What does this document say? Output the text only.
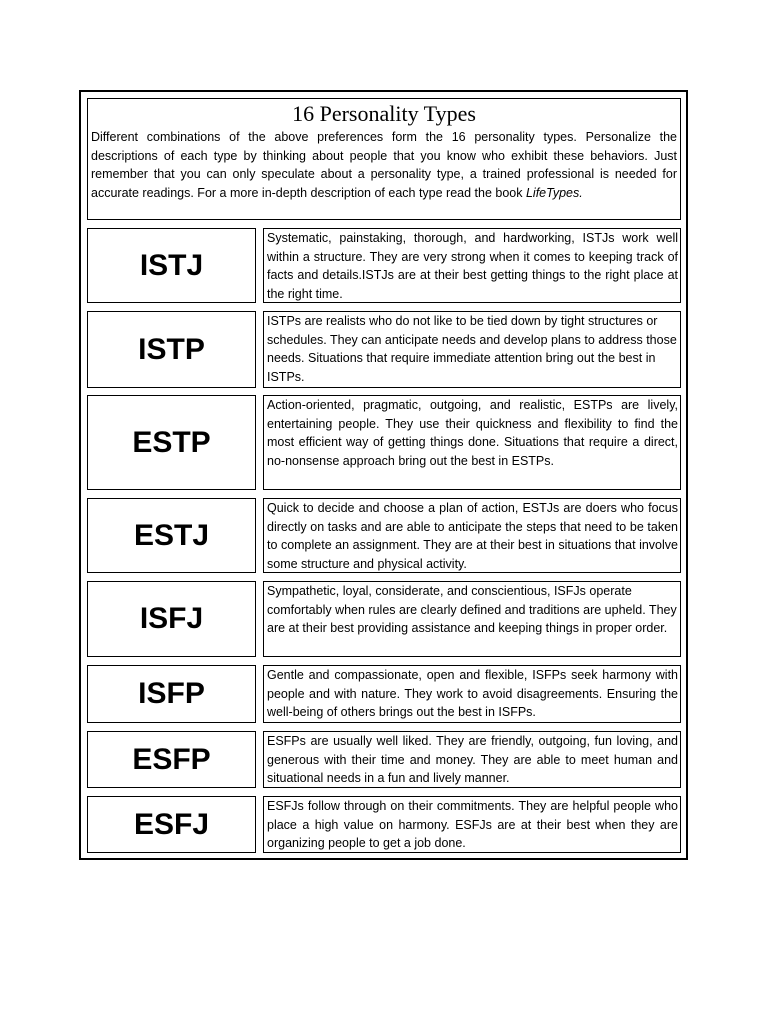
16 Personality Types

Different combinations of the above preferences form the 16 personality types. Personalize the descriptions of each type by thinking about people that you know who exhibit these behaviors. Just remember that you can only speculate about a personality type, a trained professional is needed for accurate readings. For a more in-depth description of each type read the book LifeTypes.

ISTJ
Systematic, painstaking, thorough, and hardworking, ISTJs work well within a structure. They are very strong when it comes to keeping track of facts and details.ISTJs are at their best getting things to the right place at the right time.
ISTP
ISTPs are realists who do not like to be tied down by tight structures or schedules. They can anticipate needs and develop plans to address those needs. Situations that require immediate attention bring out the best in ISTPs.
ESTP
Action-oriented, pragmatic, outgoing, and realistic, ESTPs are lively, entertaining people. They use their quickness and flexibility to find the most efficient way of getting things done. Situations that require a direct, no-nonsense approach bring out the best in ESTPs.
ESTJ
Quick to decide and choose a plan of action, ESTJs are doers who focus directly on tasks and are able to anticipate the steps that need to be taken to complete an assignment. They are at their best in situations that involve some structure and physical activity.
ISFJ
Sympathetic, loyal, considerate, and conscientious, ISFJs operate comfortably when rules are clearly defined and traditions are upheld. They are at their best providing assistance and keeping things in proper order.
ISFP
Gentle and compassionate, open and flexible, ISFPs seek harmony with people and with nature. They work to avoid disagreements. Ensuring the well-being of others brings out the best in ISFPs.
ESFP
ESFPs are usually well liked. They are friendly, outgoing, fun loving, and generous with their time and money. They are able to meet human and situational needs in a fun and lively manner.
ESFJ
ESFJs follow through on their commitments. They are helpful people who place a high value on harmony. ESFJs are at their best when they are organizing people to get a job done.
